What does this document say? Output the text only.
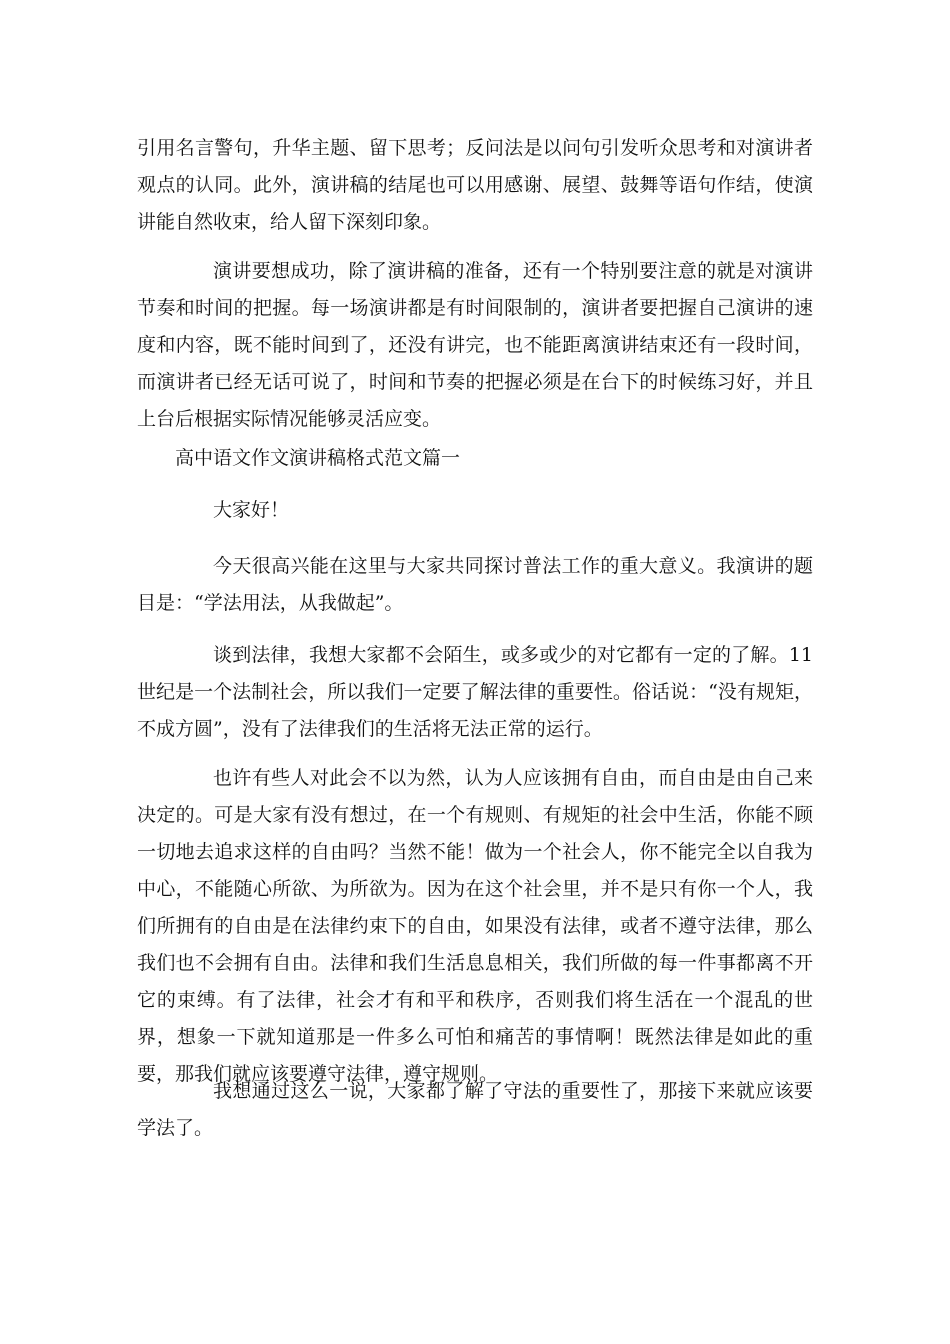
引用名言警句，升华主题、留下思考；反问法是以问句引发听众思考和对演讲者观点的认同。此外，演讲稿的结尾也可以用感谢、展望、鼓舞等语句作结，使演讲能自然收束，给人留下深刻印象。

演讲要想成功，除了演讲稿的准备，还有一个特别要注意的就是对演讲节奏和时间的把握。每一场演讲都是有时间限制的，演讲者要把握自己演讲的速度和内容，既不能时间到了，还没有讲完，也不能距离演讲结束还有一段时间，而演讲者已经无话可说了，时间和节奏的把握必须是在台下的时候练习好，并且上台后根据实际情况能够灵活应变。

高中语文作文演讲稿格式范文篇一

大家好！

今天很高兴能在这里与大家共同探讨普法工作的重大意义。我演讲的题目是：“学法用法，从我做起”。

谈到法律，我想大家都不会陌生，或多或少的对它都有一定的了解。11世纪是一个法制社会，所以我们一定要了解法律的重要性。俗话说：“没有规矩，不成方圆”，没有了法律我们的生活将无法正常的运行。

也许有些人对此会不以为然，认为人应该拥有自由，而自由是由自己来决定的。可是大家有没有想过，在一个有规则、有规矩的社会中生活，你能不顾一切地去追求这样的自由吗？当然不能！做为一个社会人，你不能完全以自我为中心，不能随心所欲、为所欲为。因为在这个社会里，并不是只有你一个人，我们所拥有的自由是在法律约束下的自由，如果没有法律，或者不遵守法律，那么我们也不会拥有自由。法律和我们生活息息相关，我们所做的每一件事都离不开它的束缚。有了法律，社会才有和平和秩序，否则我们将生活在一个混乱的世界，想象一下就知道那是一件多么可怕和痛苦的事情啊！既然法律是如此的重要，那我们就应该要遵守法律，遵守规则。

我想通过这么一说，大家都了解了守法的重要性了，那接下来就应该要学法了。
